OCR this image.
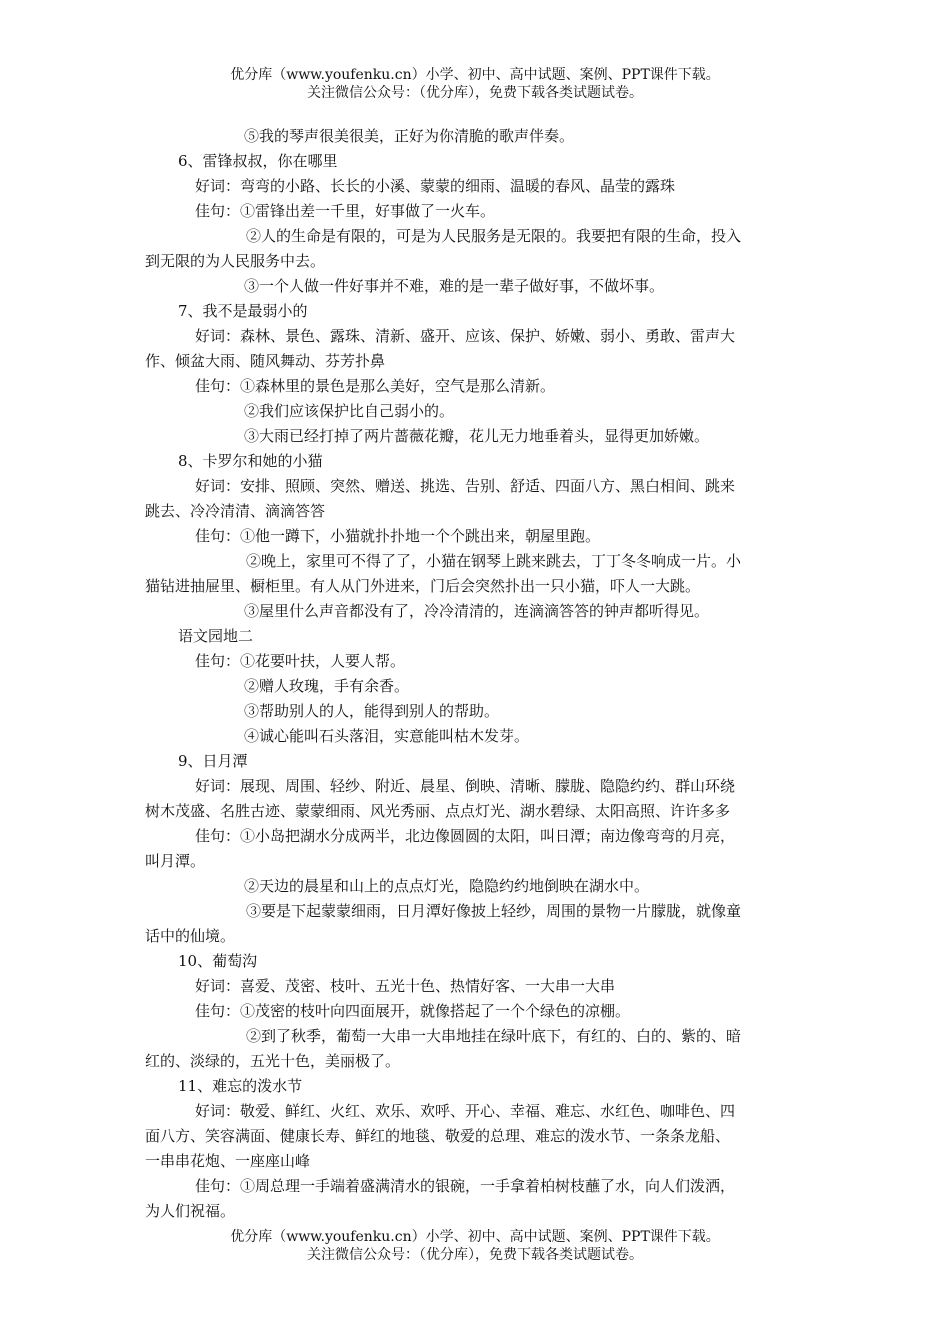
优分库（www.youfenku.cn）小学、初中、高中试题、案例、PPT课件下载。
关注微信公众号：（优分库），免费下载各类试题试卷。
⑤我的琴声很美很美，正好为你清脆的歌声伴奏。
6、雷锋叔叔，你在哪里
好词：弯弯的小路、长长的小溪、蒙蒙的细雨、温暖的春风、晶莹的露珠
佳句：①雷锋出差一千里，好事做了一火车。
②人的生命是有限的，可是为人民服务是无限的。我要把有限的生命，投入
到无限的为人民服务中去。
③一个人做一件好事并不难，难的是一辈子做好事，不做坏事。
7、我不是最弱小的
好词：森林、景色、露珠、清新、盛开、应该、保护、娇嫩、弱小、勇敢、雷声大
作、倾盆大雨、随风舞动、芬芳扑鼻
佳句：①森林里的景色是那么美好，空气是那么清新。
②我们应该保护比自己弱小的。
③大雨已经打掉了两片蔷薇花瓣，花儿无力地垂着头，显得更加娇嫩。
8、卡罗尔和她的小猫
好词：安排、照顾、突然、赠送、挑选、告别、舒适、四面八方、黑白相间、跳来
跳去、冷冷清清、滴滴答答
佳句：①他一蹲下，小猫就扑扑地一个个跳出来，朝屋里跑。
②晚上，家里可不得了了，小猫在钢琴上跳来跳去，丁丁冬冬响成一片。小
猫钻进抽屉里、橱柜里。有人从门外进来，门后会突然扑出一只小猫，吓人一大跳。
③屋里什么声音都没有了，冷冷清清的，连滴滴答答的钟声都听得见。
语文园地二
佳句：①花要叶扶，人要人帮。
②赠人玫瑰，手有余香。
③帮助别人的人，能得到别人的帮助。
④诚心能叫石头落泪，实意能叫枯木发芽。
9、日月潭
好词：展现、周围、轻纱、附近、晨星、倒映、清晰、朦胧、隐隐约约、群山环绕
树木茂盛、名胜古迹、蒙蒙细雨、风光秀丽、点点灯光、湖水碧绿、太阳高照、许许多多
佳句：①小岛把湖水分成两半，北边像圆圆的太阳，叫日潭；南边像弯弯的月亮，
叫月潭。
②天边的晨星和山上的点点灯光，隐隐约约地倒映在湖水中。
③要是下起蒙蒙细雨，日月潭好像披上轻纱，周围的景物一片朦胧，就像童
话中的仙境。
10、葡萄沟
好词：喜爱、茂密、枝叶、五光十色、热情好客、一大串一大串
佳句：①茂密的枝叶向四面展开，就像搭起了一个个绿色的凉棚。
②到了秋季，葡萄一大串一大串地挂在绿叶底下，有红的、白的、紫的、暗
红的、淡绿的，五光十色，美丽极了。
11、难忘的泼水节
好词：敬爱、鲜红、火红、欢乐、欢呼、开心、幸福、难忘、水红色、咖啡色、四
面八方、笑容满面、健康长寿、鲜红的地毯、敬爱的总理、难忘的泼水节、一条条龙船、
一串串花炮、一座座山峰
佳句：①周总理一手端着盛满清水的银碗，一手拿着柏树枝蘸了水，向人们泼洒，
为人们祝福。
优分库（www.youfenku.cn）小学、初中、高中试题、案例、PPT课件下载。
关注微信公众号：（优分库），免费下载各类试题试卷。
